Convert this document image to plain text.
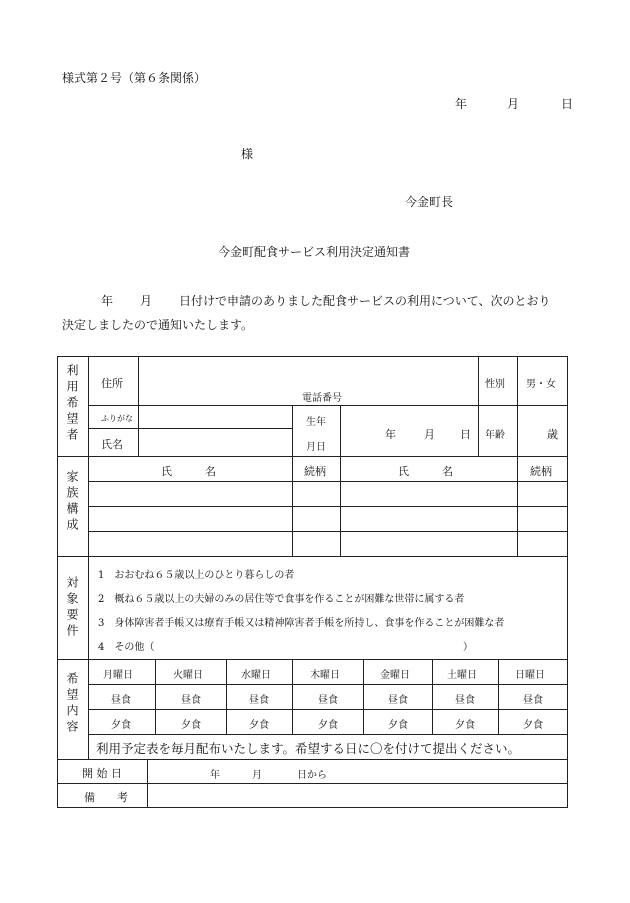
様式第２号（第６条関係）
年	月	日
様
今金町長
今金町配食サービス利用決定通知書
年 月 日付けで申請のありました配食サービスの利用について、次のとおり
決定しましたので通知いたします。
利用希望者 住所
電話番号
性別 男・女
ふりがな
氏名
生年
月日
年	月 日 年齢	歳
家族構成	氏　　　名	続柄	氏　　　名	続柄
対象要件
1　おおむね６５歳以上のひとり暮らしの者
2　概ね６５歳以上の夫婦のみの居住等で食事を作ることが困難な世帯に属する者
3　身体障害者手帳又は療育手帳又は精神障害者手帳を所持し、食事を作ることが困難な者
4　その他（	）
希望内容 月曜日	火曜日	水曜日	木曜日	金曜日	土曜日	日曜日
昼食	昼食	昼食	昼食	昼食	昼食	昼食
夕食	夕食	夕食	夕食	夕食	夕食	夕食
利用予定表を毎月配布いたします。希望する日に〇を付けて提出ください。
開 始 日	年	月	日から
備　　考
